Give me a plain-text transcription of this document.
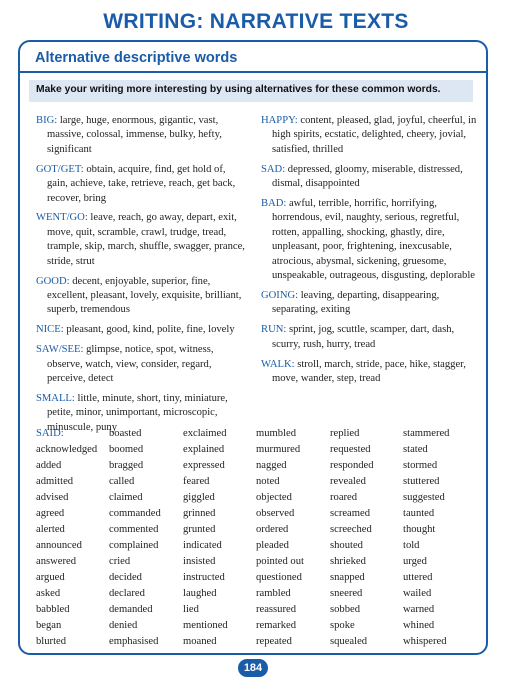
WRITING: NARRATIVE TEXTS
Alternative descriptive words
Make your writing more interesting by using alternatives for these common words.
BIG: large, huge, enormous, gigantic, vast, massive, colossal, immense, bulky, hefty, significant
GOT/GET: obtain, acquire, find, get hold of, gain, achieve, take, retrieve, reach, get back, recover, bring
WENT/GO: leave, reach, go away, depart, exit, move, quit, scramble, crawl, trudge, tread, trample, skip, march, shuffle, swagger, prance, stride, strut
GOOD: decent, enjoyable, superior, fine, excellent, pleasant, lovely, exquisite, brilliant, superb, tremendous
NICE: pleasant, good, kind, polite, fine, lovely
SAW/SEE: glimpse, notice, spot, witness, observe, watch, view, consider, regard, perceive, detect
SMALL: little, minute, short, tiny, miniature, petite, minor, unimportant, microscopic, minuscule, puny
HAPPY: content, pleased, glad, joyful, cheerful, in high spirits, ecstatic, delighted, cheery, jovial, satisfied, thrilled
SAD: depressed, gloomy, miserable, distressed, dismal, disappointed
BAD: awful, terrible, horrific, horrifying, horrendous, evil, naughty, serious, regretful, rotten, appalling, shocking, ghastly, dire, unpleasant, poor, frightening, inexcusable, atrocious, abysmal, sickening, gruesome, unspeakable, outrageous, disgusting, deplorable
GOING: leaving, departing, disappearing, separating, exiting
RUN: sprint, jog, scuttle, scamper, dart, dash, scurry, rush, hurry, tread
WALK: stroll, march, stride, pace, hike, stagger, move, wander, step, tread
SAID:	boasted	exclaimed	mumbled	replied	stammered
acknowledged	boomed	explained	murmured	requested	stated
added	bragged	expressed	nagged	responded	stormed
admitted	called	feared	noted	revealed	stuttered
advised	claimed	giggled	objected	roared	suggested
agreed	commanded	grinned	observed	screamed	taunted
alerted	commented	grunted	ordered	screeched	thought
announced	complained	indicated	pleaded	shouted	told
answered	cried	insisted	pointed out	shrieked	urged
argued	decided	instructed	questioned	snapped	uttered
asked	declared	laughed	rambled	sneered	wailed
babbled	demanded	lied	reassured	sobbed	warned
began	denied	mentioned	remarked	spoke	whined
blurted	emphasised	moaned	repeated	squealed	whispered
184
